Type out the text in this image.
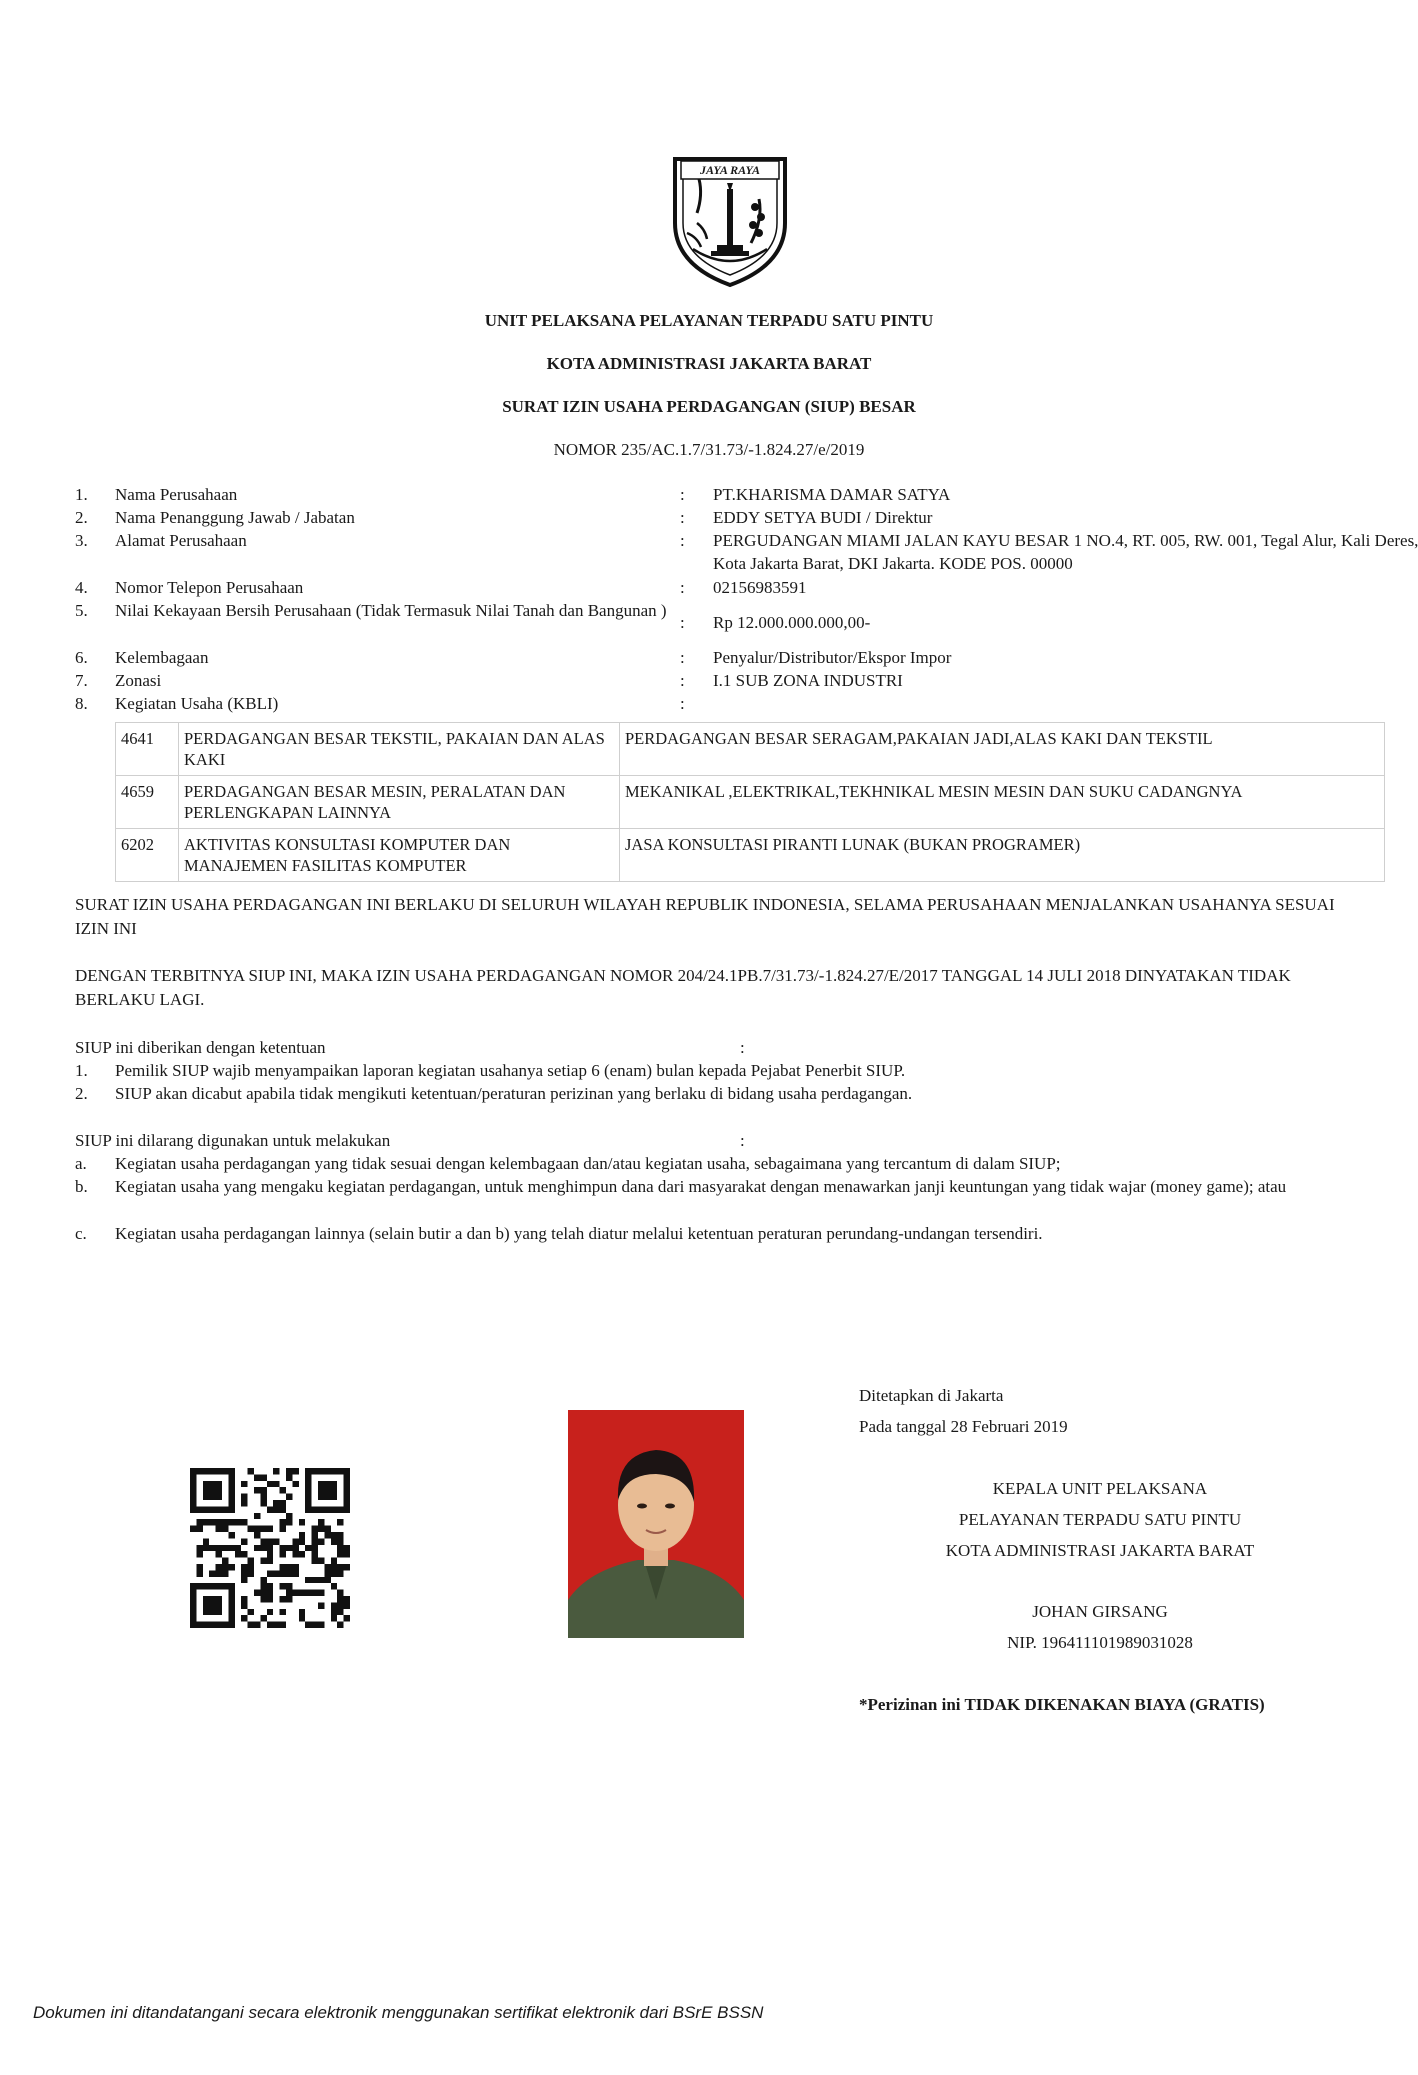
JAYA RAYA
UNIT PELAKSANA PELAYANAN TERPADU SATU PINTU
KOTA ADMINISTRASI JAKARTA BARAT
SURAT IZIN USAHA PERDAGANGAN (SIUP) BESAR
NOMOR 235/AC.1.7/31.73/-1.824.27/e/2019
1. Nama Perusahaan	: PT.KHARISMA DAMAR SATYA
2. Nama Penanggung Jawab / Jabatan	: EDDY SETYA BUDI / Direktur
3. Alamat Perusahaan	: PERGUDANGAN MIAMI JALAN KAYU BESAR 1 NO.4, RT. 005, RW. 001, Tegal Alur, Kali Deres, Kota Jakarta Barat, DKI Jakarta. KODE POS. 00000
4. Nomor Telepon Perusahaan	: 02156983591
5. Nilai Kekayaan Bersih Perusahaan (Tidak Termasuk Nilai Tanah dan Bangunan )
: Rp 12.000.000.000,00-
6. Kelembagaan	: Penyalur/Distributor/Ekspor Impor
7. Zonasi	: I.1 SUB ZONA INDUSTRI
8. Kegiatan Usaha (KBLI)	:
4641	PERDAGANGAN BESAR TEKSTIL, PAKAIAN DAN ALAS KAKI	PERDAGANGAN BESAR SERAGAM,PAKAIAN JADI,ALAS KAKI DAN TEKSTIL
4659	PERDAGANGAN BESAR MESIN, PERALATAN DAN PERLENGKAPAN LAINNYA	MEKANIKAL ,ELEKTRIKAL,TEKHNIKAL MESIN MESIN DAN SUKU CADANGNYA
6202	AKTIVITAS KONSULTASI KOMPUTER DAN MANAJEMEN FASILITAS KOMPUTER	JASA KONSULTASI PIRANTI LUNAK (BUKAN PROGRAMER)
SURAT IZIN USAHA PERDAGANGAN INI BERLAKU DI SELURUH WILAYAH REPUBLIK INDONESIA, SELAMA PERUSAHAAN MENJALANKAN USAHANYA SESUAI IZIN INI
DENGAN TERBITNYA SIUP INI, MAKA IZIN USAHA PERDAGANGAN NOMOR 204/24.1PB.7/31.73/-1.824.27/E/2017 TANGGAL 14 JULI 2018 DINYATAKAN TIDAK BERLAKU LAGI.
SIUP ini diberikan dengan ketentuan	:
1. Pemilik SIUP wajib menyampaikan laporan kegiatan usahanya setiap 6 (enam) bulan kepada Pejabat Penerbit SIUP.
2. SIUP akan dicabut apabila tidak mengikuti ketentuan/peraturan perizinan yang berlaku di bidang usaha perdagangan.
SIUP ini dilarang digunakan untuk melakukan	:
a. Kegiatan usaha perdagangan yang tidak sesuai dengan kelembagaan dan/atau kegiatan usaha, sebagaimana yang tercantum di dalam SIUP;
b. Kegiatan usaha yang mengaku kegiatan perdagangan, untuk menghimpun dana dari masyarakat dengan menawarkan janji keuntungan yang tidak wajar (money game); atau
c. Kegiatan usaha perdagangan lainnya (selain butir a dan b) yang telah diatur melalui ketentuan peraturan perundang-undangan tersendiri.
Ditetapkan di Jakarta
Pada tanggal 28 Februari 2019
KEPALA UNIT PELAKSANA
PELAYANAN TERPADU SATU PINTU
KOTA ADMINISTRASI JAKARTA BARAT
JOHAN GIRSANG
NIP. 196411101989031028
*Perizinan ini TIDAK DIKENAKAN BIAYA (GRATIS)
Dokumen ini ditandatangani secara elektronik menggunakan sertifikat elektronik dari BSrE BSSN
